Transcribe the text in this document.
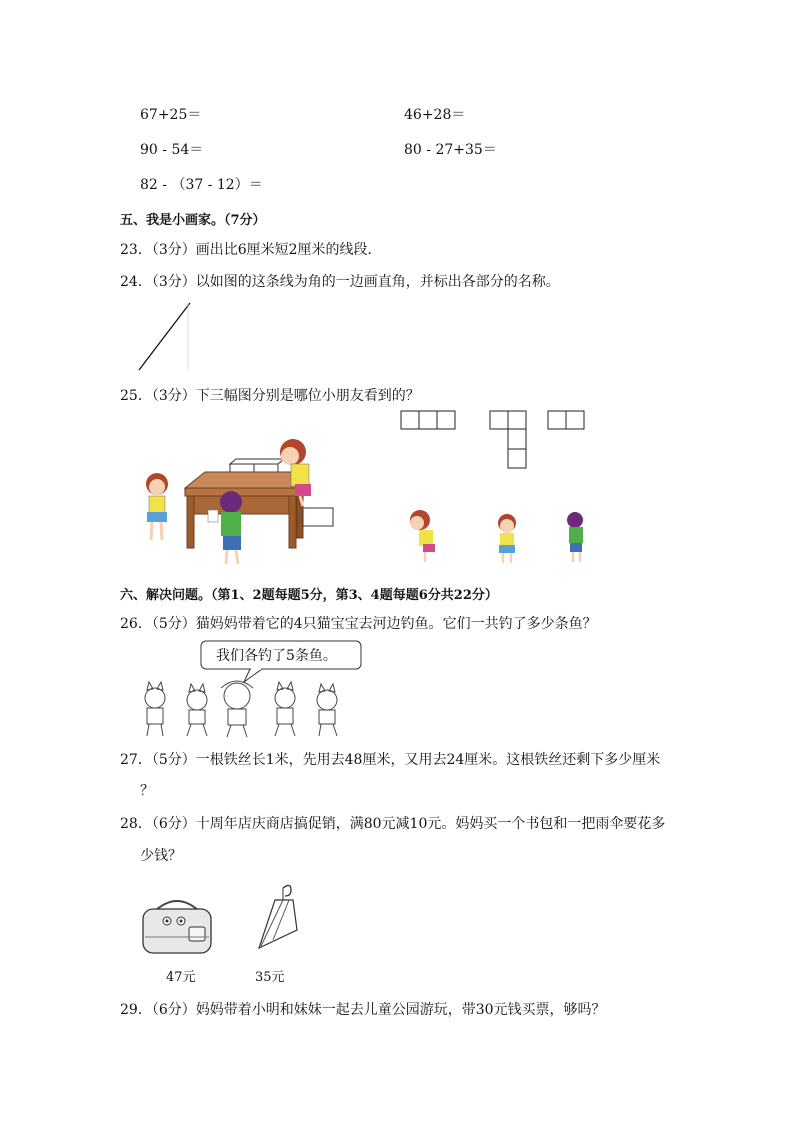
67+25＝	46+28＝
90 - 54＝	80 - 27+35＝
82 - （37 - 12）＝
五、我是小画家。（7分）
23．（3分）画出比6厘米短2厘米的线段．
24．（3分）以如图的这条线为角的一边画直角，并标出各部分的名称。
25．（3分）下三幅图分别是哪位小朋友看到的？
六、解决问题。（第1、2题每题5分，第3、4题每题6分共22分）
26．（5分）猫妈妈带着它的4只猫宝宝去河边钓鱼。它们一共钓了多少条鱼？
我们各钓了5条鱼。
27．（5分）一根铁丝长1米，先用去48厘米，又用去24厘米。这根铁丝还剩下多少厘米
？
28．（6分）十周年店庆商店搞促销，满80元减10元。妈妈买一个书包和一把雨伞要花多
少钱？
47元	35元
29．（6分）妈妈带着小明和妹妹一起去儿童公园游玩，带30元钱买票，够吗？
